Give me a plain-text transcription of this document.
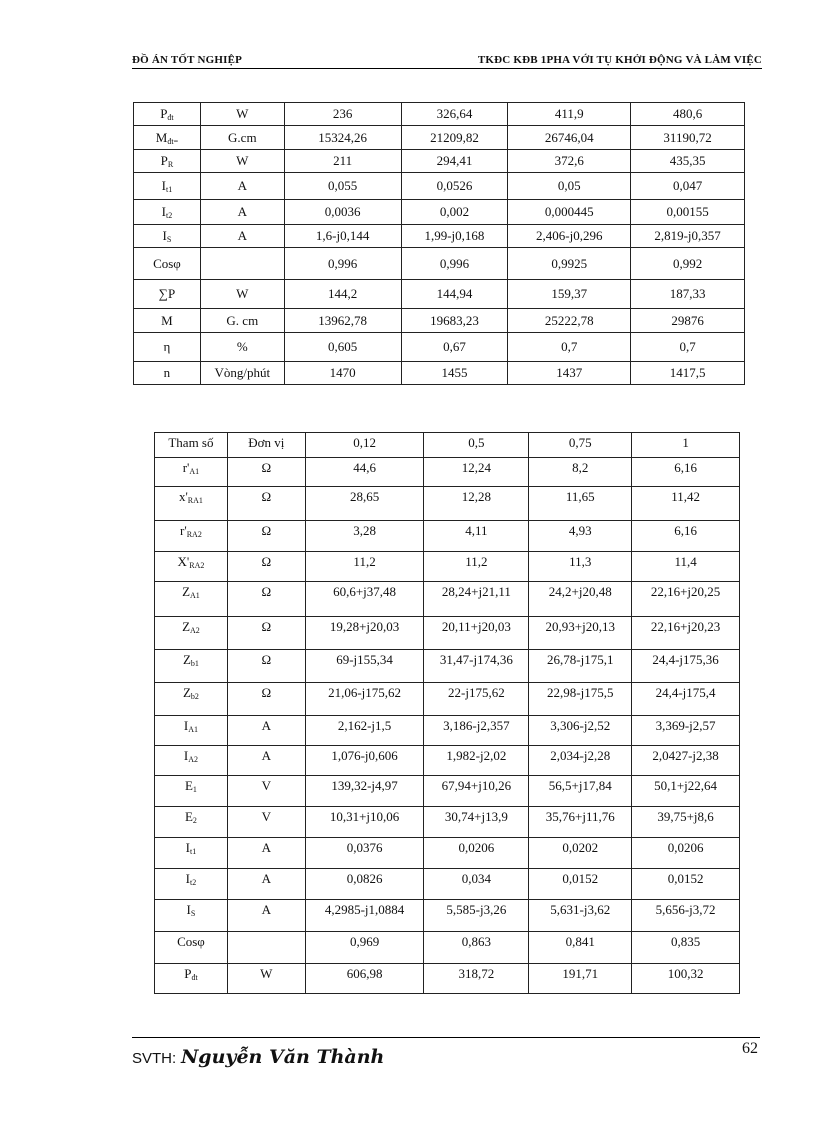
ĐỒ ÁN TỐT NGHIỆP	TKĐC KĐB 1PHA VỚI TỤ KHỞI ĐỘNG VÀ LÀM VIỆC
Pđt	W	236	326,64	411,9	480,6
Mđt=	G.cm	15324,26	21209,82	26746,04	31190,72
PR	W	211	294,41	372,6	435,35
It1	A	0,055	0,0526	0,05	0,047
It2	A	0,0036	0,002	0,000445	0,00155
IS	A	1,6-j0,144	1,99-j0,168	2,406-j0,296	2,819-j0,357
Cosφ		0,996	0,996	0,9925	0,992
∑P	W	144,2	144,94	159,37	187,33
M	G. cm	13962,78	19683,23	25222,78	29876
η	%	0,605	0,67	0,7	0,7
n	Vòng/phút	1470	1455	1437	1417,5
Tham số	Đơn vị	0,12	0,5	0,75	1
r'A1	Ω	44,6	12,24	8,2	6,16
x'RA1	Ω	28,65	12,28	11,65	11,42
r'RA2	Ω	3,28	4,11	4,93	6,16
X'RA2	Ω	11,2	11,2	11,3	11,4
ZA1	Ω	60,6+j37,48	28,24+j21,11	24,2+j20,48	22,16+j20,25
ZA2	Ω	19,28+j20,03	20,11+j20,03	20,93+j20,13	22,16+j20,23
Zb1	Ω	69-j155,34	31,47-j174,36	26,78-j175,1	24,4-j175,36
Zb2	Ω	21,06-j175,62	22-j175,62	22,98-j175,5	24,4-j175,4
IA1	A	2,162-j1,5	3,186-j2,357	3,306-j2,52	3,369-j2,57
IA2	A	1,076-j0,606	1,982-j2,02	2,034-j2,28	2,0427-j2,38
E1	V	139,32-j4,97	67,94+j10,26	56,5+j17,84	50,1+j22,64
E2	V	10,31+j10,06	30,74+j13,9	35,76+j11,76	39,75+j8,6
It1	A	0,0376	0,0206	0,0202	0,0206
It2	A	0,0826	0,034	0,0152	0,0152
IS	A	4,2985-j1,0884	5,585-j3,26	5,631-j3,62	5,656-j3,72
Cosφ		0,969	0,863	0,841	0,835
Pđt	W	606,98	318,72	191,71	100,32
SVTH: Nguyễn Văn Thành	62
